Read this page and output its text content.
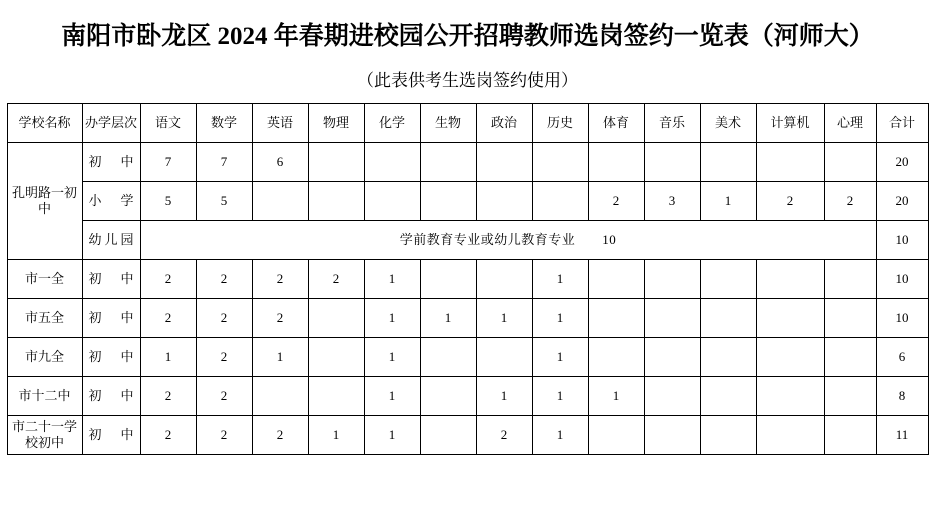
南阳市卧龙区 2024 年春期进校园公开招聘教师选岗签约一览表（河师大）
（此表供考生选岗签约使用）
学校名称	办学层次	语文	数学	英语	物理	化学	生物	政治	历史	体育	音乐	美术	计算机	心理	合计
孔明路一初中	初　中	7	7	6											20
	小　学	5	5							2	3	1	2	2	20
	幼儿园	学前教育专业或幼儿教育专业　　10													10
市一全	初　中	2	2	2	2	1			1						10
市五全	初　中	2	2	2		1	1	1	1						10
市九全	初　中	1	2	1		1			1						6
市十二中	初　中	2	2			1		1	1	1					8
市二十一学校初中	初　中	2	2	2	1	1		2	1						11
